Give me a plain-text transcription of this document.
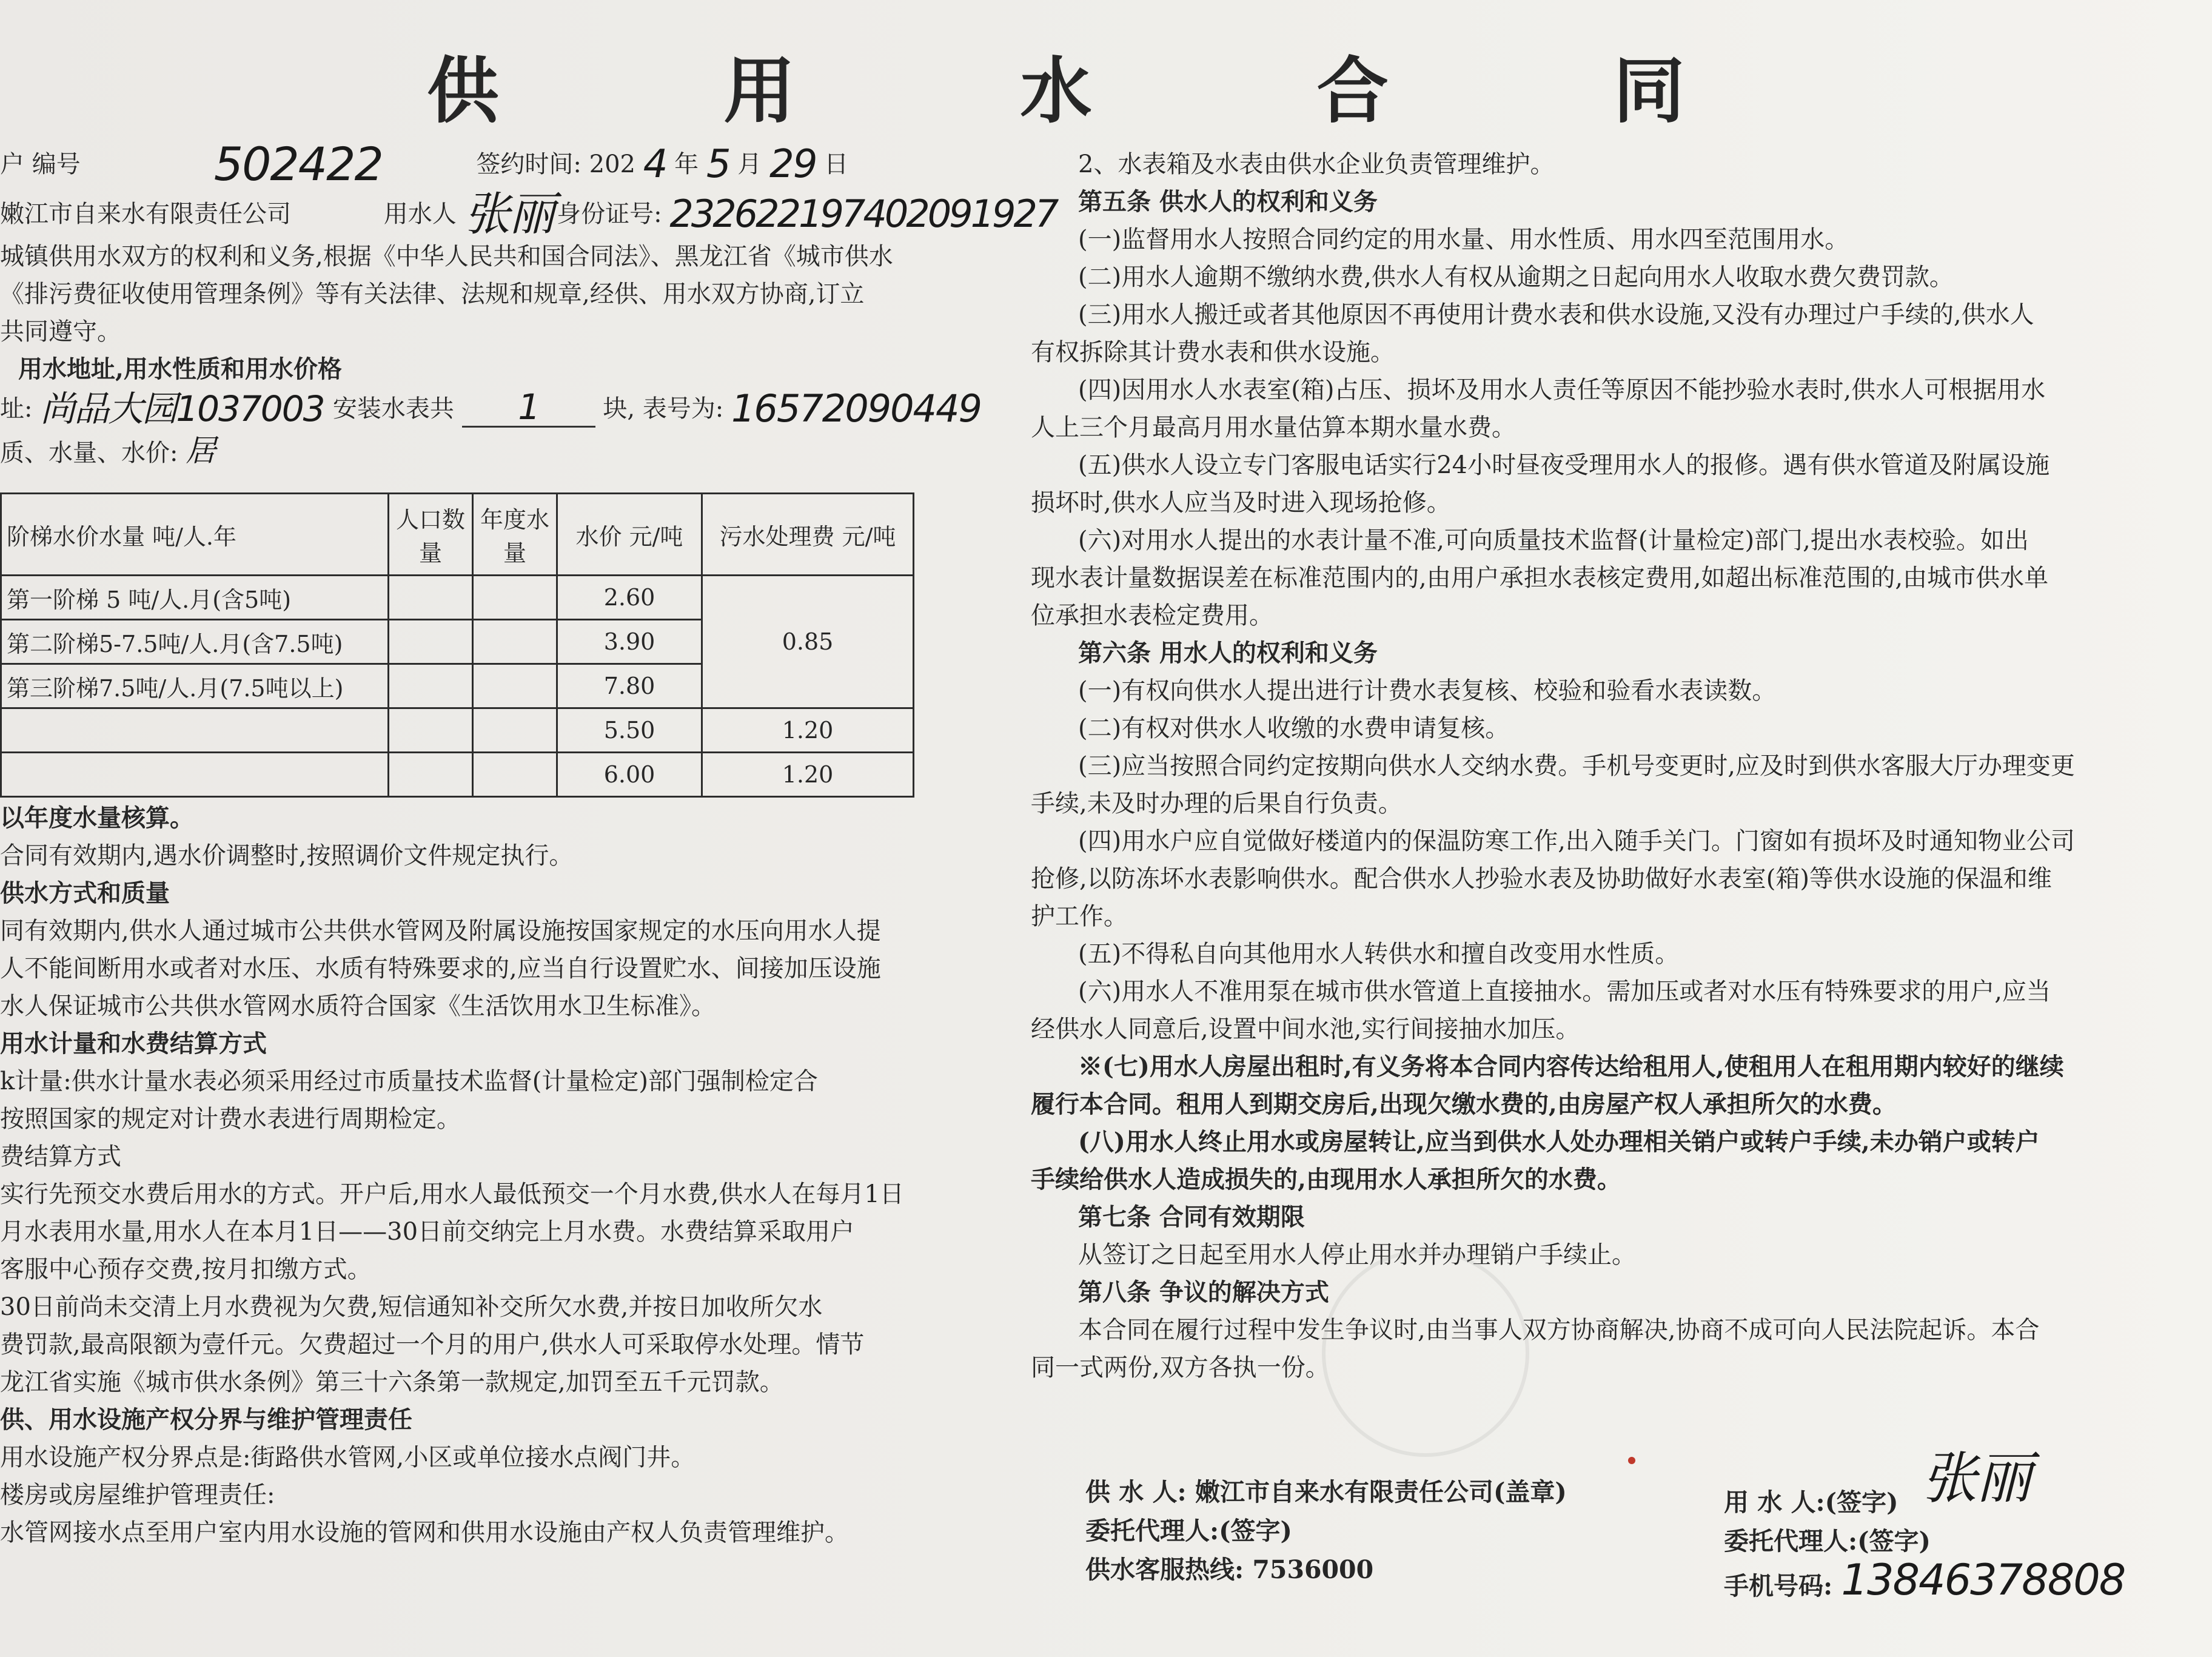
供 用 水 合 同
户 编号	502422	签约时间: 202 4 年 5 月 29 日
嫩江市自来水有限责任公司	用水人 张丽 身份证号: 232622197402091927
城镇供用水双方的权利和义务,根据《中华人民共和国合同法》、黑龙江省《城市供水
《排污费征收使用管理条例》等有关法律、法规和规章,经供、用水双方协商,订立
共同遵守。
用水地址,用水性质和用水价格
址: 尚品大园1037003 安装水表共 1	块, 表号为: 16572090449
质、水量、水价: 居
阶梯水价水量 吨/人.年	人口数量	年度水量	水价 元/吨	污水处理费 元/吨
第一阶梯 5 吨/人.月(含5吨)			2.60	0.85
第二阶梯5-7.5吨/人.月(含7.5吨)			3.90	
第三阶梯7.5吨/人.月(7.5吨以上)			7.80	
			5.50	1.20
			6.00	1.20
以年度水量核算。
合同有效期内,遇水价调整时,按照调价文件规定执行。
供水方式和质量
同有效期内,供水人通过城市公共供水管网及附属设施按国家规定的水压向用水人提
人不能间断用水或者对水压、水质有特殊要求的,应当自行设置贮水、间接加压设施
水人保证城市公共供水管网水质符合国家《生活饮用水卫生标准》。
用水计量和水费结算方式
k计量:供水计量水表必须采用经过市质量技术监督(计量检定)部门强制检定合
按照国家的规定对计费水表进行周期检定。
费结算方式
实行先预交水费后用水的方式。开户后,用水人最低预交一个月水费,供水人在每月1日
月水表用水量,用水人在本月1日——30日前交纳完上月水费。水费结算采取用户
客服中心预存交费,按月扣缴方式。
30日前尚未交清上月水费视为欠费,短信通知补交所欠水费,并按日加收所欠水
费罚款,最高限额为壹仟元。欠费超过一个月的用户,供水人可采取停水处理。情节
龙江省实施《城市供水条例》第三十六条第一款规定,加罚至五千元罚款。
供、用水设施产权分界与维护管理责任
用水设施产权分界点是:街路供水管网,小区或单位接水点阀门井。
楼房或房屋维护管理责任:
水管网接水点至用户室内用水设施的管网和供用水设施由产权人负责管理维护。
2、水表箱及水表由供水企业负责管理维护。
第五条 供水人的权利和义务
(一)监督用水人按照合同约定的用水量、用水性质、用水四至范围用水。
(二)用水人逾期不缴纳水费,供水人有权从逾期之日起向用水人收取水费欠费罚款。
(三)用水人搬迁或者其他原因不再使用计费水表和供水设施,又没有办理过户手续的,供水人
有权拆除其计费水表和供水设施。
(四)因用水人水表室(箱)占压、损坏及用水人责任等原因不能抄验水表时,供水人可根据用水
人上三个月最高月用水量估算本期水量水费。
(五)供水人设立专门客服电话实行24小时昼夜受理用水人的报修。遇有供水管道及附属设施
损坏时,供水人应当及时进入现场抢修。
(六)对用水人提出的水表计量不准,可向质量技术监督(计量检定)部门,提出水表校验。如出
现水表计量数据误差在标准范围内的,由用户承担水表核定费用,如超出标准范围的,由城市供水单
位承担水表检定费用。
第六条 用水人的权利和义务
(一)有权向供水人提出进行计费水表复核、校验和验看水表读数。
(二)有权对供水人收缴的水费申请复核。
(三)应当按照合同约定按期向供水人交纳水费。手机号变更时,应及时到供水客服大厅办理变更
手续,未及时办理的后果自行负责。
(四)用水户应自觉做好楼道内的保温防寒工作,出入随手关门。门窗如有损坏及时通知物业公司
抢修,以防冻坏水表影响供水。配合供水人抄验水表及协助做好水表室(箱)等供水设施的保温和维
护工作。
(五)不得私自向其他用水人转供水和擅自改变用水性质。
(六)用水人不准用泵在城市供水管道上直接抽水。需加压或者对水压有特殊要求的用户,应当
经供水人同意后,设置中间水池,实行间接抽水加压。
※(七)用水人房屋出租时,有义务将本合同内容传达给租用人,使租用人在租用期内较好的继续
履行本合同。租用人到期交房后,出现欠缴水费的,由房屋产权人承担所欠的水费。
(八)用水人终止用水或房屋转让,应当到供水人处办理相关销户或转户手续,未办销户或转户
手续给供水人造成损失的,由现用水人承担所欠的水费。
第七条 合同有效期限
从签订之日起至用水人停止用水并办理销户手续止。
第八条 争议的解决方式
本合同在履行过程中发生争议时,由当事人双方协商解决,协商不成可向人民法院起诉。本合
同一式两份,双方各执一份。
供 水 人: 嫩江市自来水有限责任公司(盖章)
委托代理人:(签字)
供水客服热线: 7536000
用 水 人:(签字) 张丽
委托代理人:(签字)
手机号码: 13846378808
